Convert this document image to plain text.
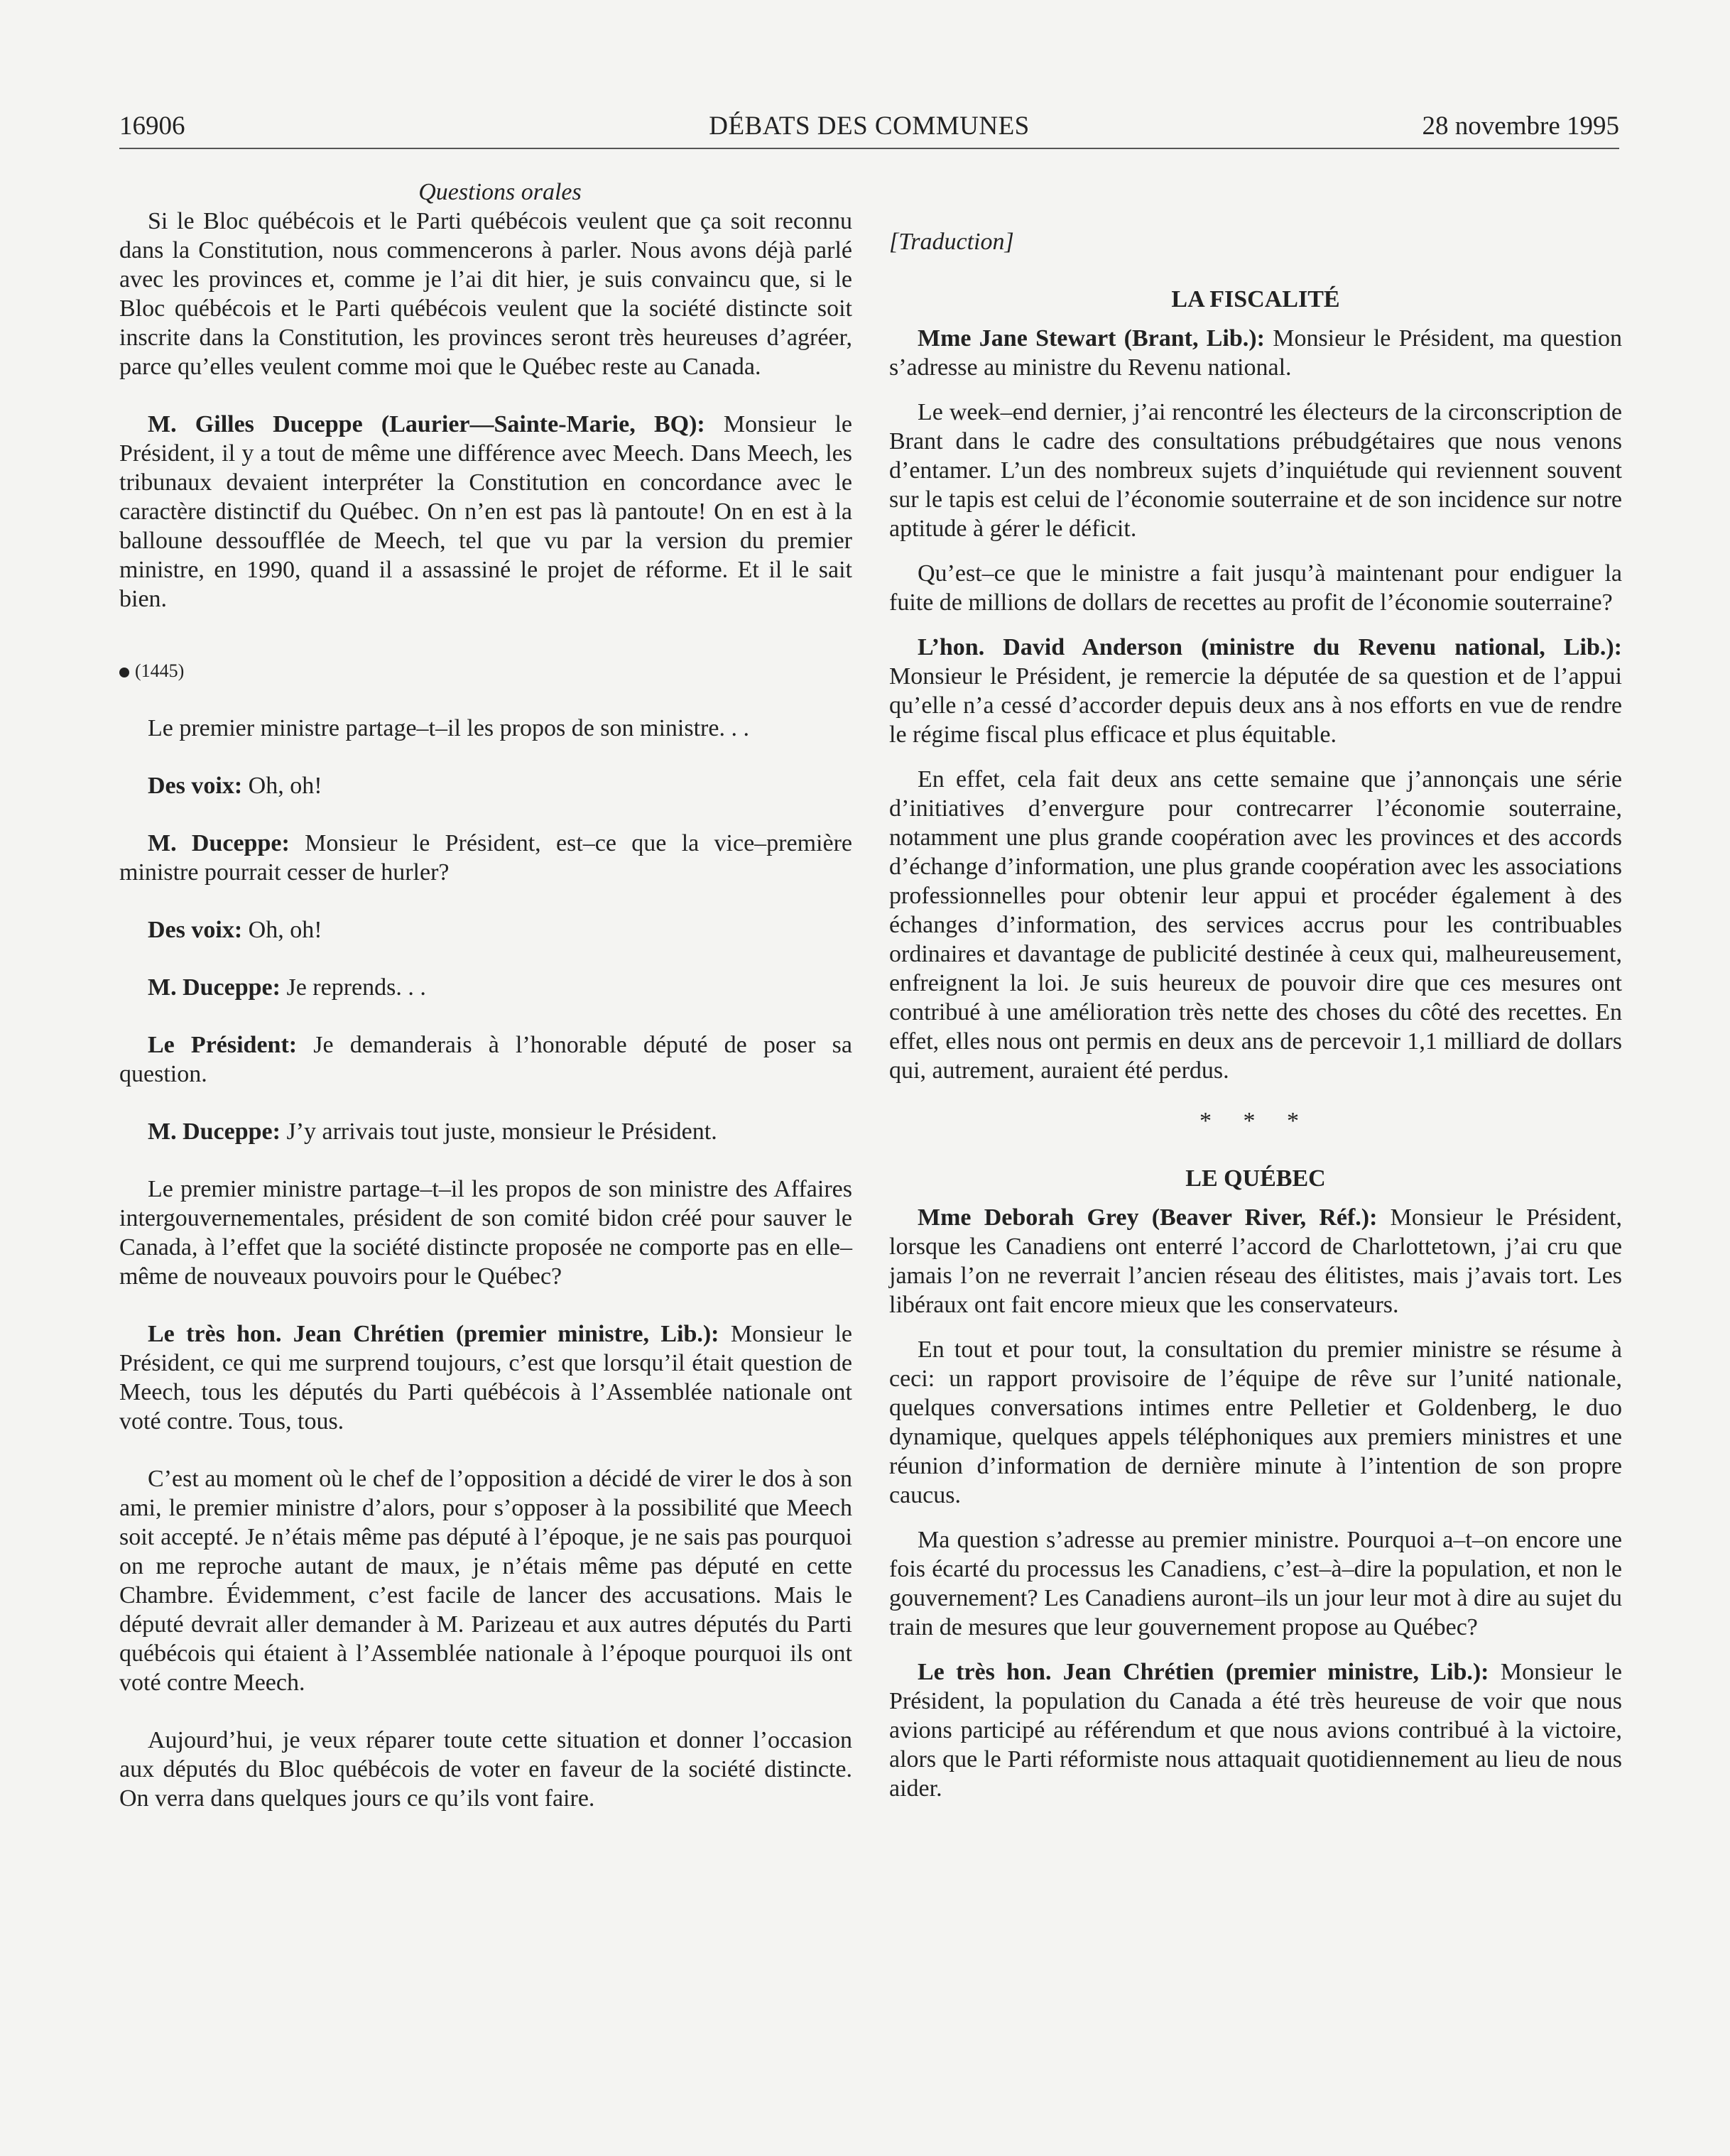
16906	DÉBATS DES COMMUNES	28 novembre 1995

Questions orales

Si le Bloc québécois et le Parti québécois veulent que ça soit reconnu dans la Constitution, nous commencerons à parler. Nous avons déjà parlé avec les provinces et, comme je l’ai dit hier, je suis convaincu que, si le Bloc québécois et le Parti québécois veulent que la société distincte soit inscrite dans la Constitution, les provinces seront très heureuses d’agréer, parce qu’elles veulent comme moi que le Québec reste au Canada.

M. Gilles Duceppe (Laurier—Sainte-Marie, BQ): Monsieur le Président, il y a tout de même une différence avec Meech. Dans Meech, les tribunaux devaient interpréter la Constitution en concordance avec le caractère distinctif du Québec. On n’en est pas là pantoute! On en est à la balloune dessoufflée de Meech, tel que vu par la version du premier ministre, en 1990, quand il a assassiné le projet de réforme. Et il le sait bien.

(1445)

Le premier ministre partage–t–il les propos de son ministre. . .

Des voix: Oh, oh!

M. Duceppe: Monsieur le Président, est–ce que la vice–première ministre pourrait cesser de hurler?

Des voix: Oh, oh!

M. Duceppe: Je reprends. . .

Le Président: Je demanderais à l’honorable député de poser sa question.

M. Duceppe: J’y arrivais tout juste, monsieur le Président.

Le premier ministre partage–t–il les propos de son ministre des Affaires intergouvernementales, président de son comité bidon créé pour sauver le Canada, à l’effet que la société distincte proposée ne comporte pas en elle–même de nouveaux pouvoirs pour le Québec?

Le très hon. Jean Chrétien (premier ministre, Lib.): Monsieur le Président, ce qui me surprend toujours, c’est que lorsqu’il était question de Meech, tous les députés du Parti québécois à l’Assemblée nationale ont voté contre. Tous, tous.

C’est au moment où le chef de l’opposition a décidé de virer le dos à son ami, le premier ministre d’alors, pour s’opposer à la possibilité que Meech soit accepté. Je n’étais même pas député à l’époque, je ne sais pas pourquoi on me reproche autant de maux, je n’étais même pas député en cette Chambre. Évidemment, c’est facile de lancer des accusations. Mais le député devrait aller demander à M. Parizeau et aux autres députés du Parti québécois qui étaient à l’Assemblée nationale à l’époque pourquoi ils ont voté contre Meech.

Aujourd’hui, je veux réparer toute cette situation et donner l’occasion aux députés du Bloc québécois de voter en faveur de la société distincte. On verra dans quelques jours ce qu’ils vont faire.

[Traduction]

LA FISCALITÉ

Mme Jane Stewart (Brant, Lib.): Monsieur le Président, ma question s’adresse au ministre du Revenu national.

Le week–end dernier, j’ai rencontré les électeurs de la circonscription de Brant dans le cadre des consultations prébudgétaires que nous venons d’entamer. L’un des nombreux sujets d’inquiétude qui reviennent souvent sur le tapis est celui de l’économie souterraine et de son incidence sur notre aptitude à gérer le déficit.

Qu’est–ce que le ministre a fait jusqu’à maintenant pour endiguer la fuite de millions de dollars de recettes au profit de l’économie souterraine?

L’hon. David Anderson (ministre du Revenu national, Lib.): Monsieur le Président, je remercie la députée de sa question et de l’appui qu’elle n’a cessé d’accorder depuis deux ans à nos efforts en vue de rendre le régime fiscal plus efficace et plus équitable.

En effet, cela fait deux ans cette semaine que j’annonçais une série d’initiatives d’envergure pour contrecarrer l’économie souterraine, notamment une plus grande coopération avec les provinces et des accords d’échange d’information, une plus grande coopération avec les associations professionnelles pour obtenir leur appui et procéder également à des échanges d’information, des services accrus pour les contribuables ordinaires et davantage de publicité destinée à ceux qui, malheureusement, enfreignent la loi. Je suis heureux de pouvoir dire que ces mesures ont contribué à une amélioration très nette des choses du côté des recettes. En effet, elles nous ont permis en deux ans de percevoir 1,1 milliard de dollars qui, autrement, auraient été perdus.

* * *

LE QUÉBEC

Mme Deborah Grey (Beaver River, Réf.): Monsieur le Président, lorsque les Canadiens ont enterré l’accord de Charlottetown, j’ai cru que jamais l’on ne reverrait l’ancien réseau des élitistes, mais j’avais tort. Les libéraux ont fait encore mieux que les conservateurs.

En tout et pour tout, la consultation du premier ministre se résume à ceci: un rapport provisoire de l’équipe de rêve sur l’unité nationale, quelques conversations intimes entre Pelletier et Goldenberg, le duo dynamique, quelques appels téléphoniques aux premiers ministres et une réunion d’information de dernière minute à l’intention de son propre caucus.

Ma question s’adresse au premier ministre. Pourquoi a–t–on encore une fois écarté du processus les Canadiens, c’est–à–dire la population, et non le gouvernement? Les Canadiens auront–ils un jour leur mot à dire au sujet du train de mesures que leur gouvernement propose au Québec?

Le très hon. Jean Chrétien (premier ministre, Lib.): Monsieur le Président, la population du Canada a été très heureuse de voir que nous avions participé au référendum et que nous avions contribué à la victoire, alors que le Parti réformiste nous attaquait quotidiennement au lieu de nous aider.
